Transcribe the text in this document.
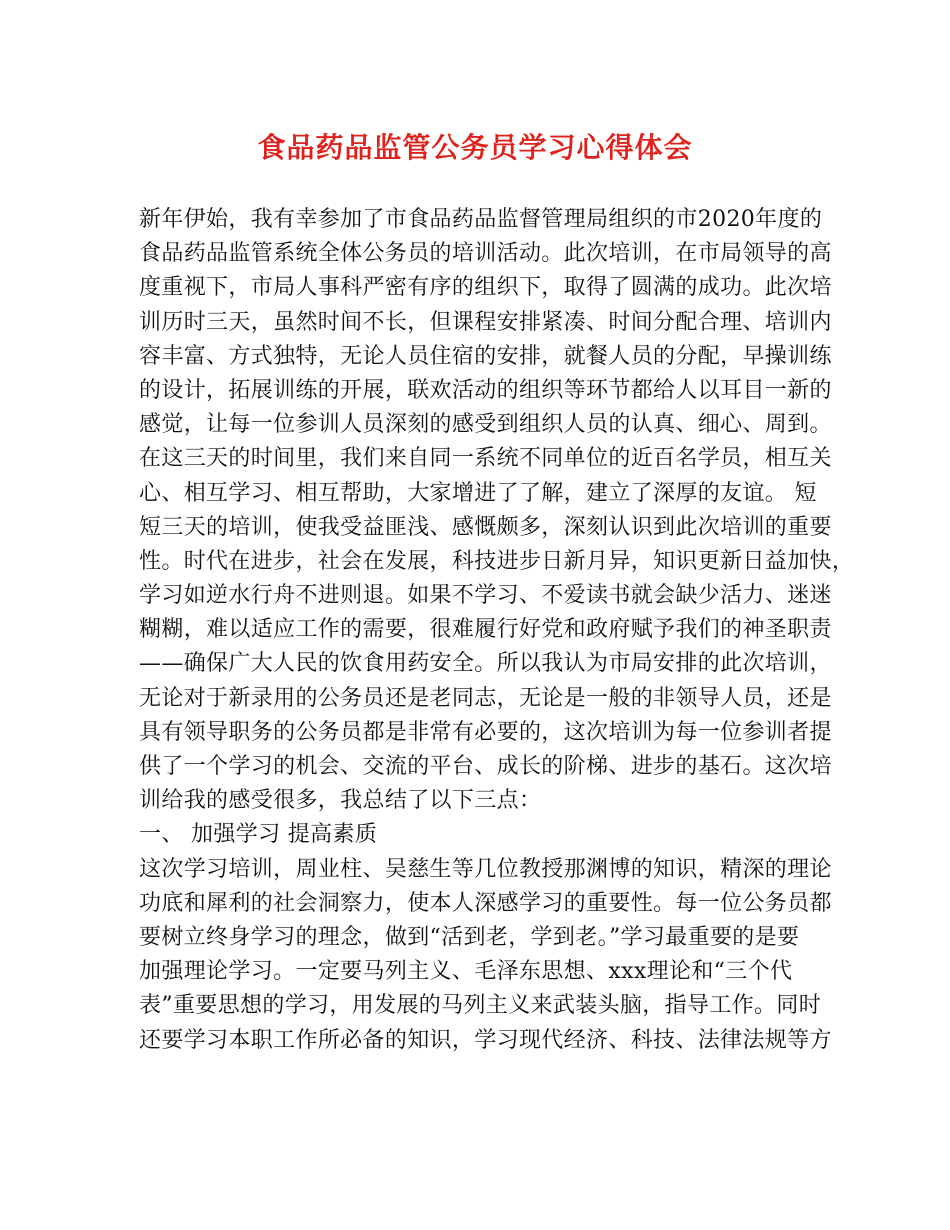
食品药品监管公务员学习心得体会
新年伊始，我有幸参加了市食品药品监督管理局组织的市2020年度的
食品药品监管系统全体公务员的培训活动。此次培训，在市局领导的高
度重视下，市局人事科严密有序的组织下，取得了圆满的成功。此次培
训历时三天，虽然时间不长，但课程安排紧凑、时间分配合理、培训内
容丰富、方式独特，无论人员住宿的安排，就餐人员的分配，早操训练
的设计，拓展训练的开展，联欢活动的组织等环节都给人以耳目一新的
感觉，让每一位参训人员深刻的感受到组织人员的认真、细心、周到。
在这三天的时间里，我们来自同一系统不同单位的近百名学员，相互关
心、相互学习、相互帮助，大家增进了了解，建立了深厚的友谊。 短
短三天的培训，使我受益匪浅、感慨颇多，深刻认识到此次培训的重要
性。时代在进步，社会在发展，科技进步日新月异，知识更新日益加快，
学习如逆水行舟不进则退。如果不学习、不爱读书就会缺少活力、迷迷
糊糊，难以适应工作的需要，很难履行好党和政府赋予我们的神圣职责
——确保广大人民的饮食用药安全。所以我认为市局安排的此次培训，
无论对于新录用的公务员还是老同志，无论是一般的非领导人员，还是
具有领导职务的公务员都是非常有必要的，这次培训为每一位参训者提
供了一个学习的机会、交流的平台、成长的阶梯、进步的基石。这次培
训给我的感受很多，我总结了以下三点：
一、 加强学习 提高素质
这次学习培训，周业柱、吴慈生等几位教授那渊博的知识，精深的理论
功底和犀利的社会洞察力，使本人深感学习的重要性。每一位公务员都
要树立终身学习的理念，做到“活到老，学到老。”学习最重要的是要
加强理论学习。一定要马列主义、毛泽东思想、xxx理论和“三个代
表”重要思想的学习，用发展的马列主义来武装头脑，指导工作。同时
还要学习本职工作所必备的知识，学习现代经济、科技、法律法规等方
